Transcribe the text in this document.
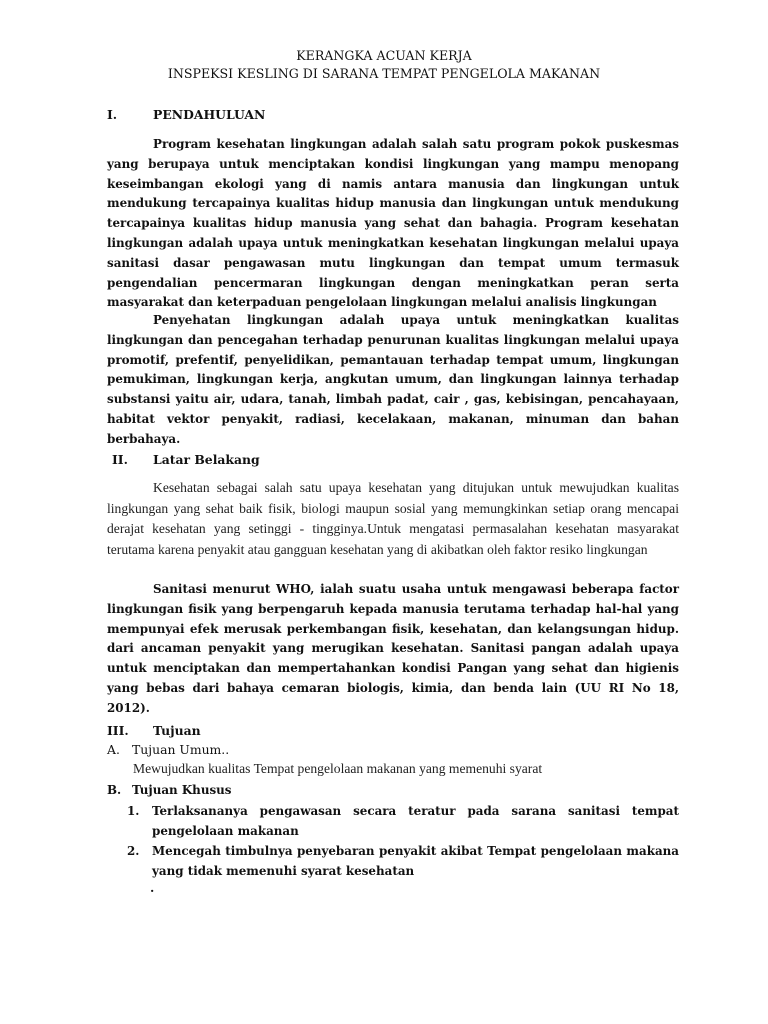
KERANGKA ACUAN KERJA
INSPEKSI KESLING DI SARANA TEMPAT PENGELOLA MAKANAN
I.	PENDAHULUAN

Program kesehatan lingkungan adalah salah satu program pokok puskesmas yang berupaya untuk menciptakan kondisi lingkungan yang mampu menopang keseimbangan ekologi yang di namis antara manusia dan lingkungan untuk mendukung tercapainya kualitas hidup manusia dan lingkungan untuk mendukung tercapainya kualitas hidup manusia yang sehat dan bahagia. Program kesehatan lingkungan adalah upaya untuk meningkatkan kesehatan lingkungan melalui upaya sanitasi dasar pengawasan mutu lingkungan dan tempat umum termasuk pengendalian pencermaran lingkungan dengan meningkatkan peran serta masyarakat dan keterpaduan pengelolaan lingkungan melalui analisis lingkungan

Penyehatan lingkungan adalah upaya untuk meningkatkan kualitas lingkungan dan pencegahan terhadap penurunan kualitas lingkungan melalui upaya promotif, prefentif, penyelidikan, pemantauan terhadap tempat umum, lingkungan pemukiman, lingkungan kerja, angkutan umum, dan lingkungan lainnya terhadap substansi yaitu air, udara, tanah, limbah padat, cair , gas, kebisingan, pencahayaan, habitat vektor penyakit, radiasi, kecelakaan, makanan, minuman dan bahan berbahaya.

II. Latar Belakang

Kesehatan sebagai salah satu upaya kesehatan yang ditujukan untuk mewujudkan kualitas lingkungan yang sehat baik fisik, biologi maupun sosial yang memungkinkan setiap orang mencapai derajat kesehatan yang setinggi - tingginya.Untuk mengatasi permasalahan kesehatan masyarakat terutama karena penyakit atau gangguan kesehatan yang di akibatkan oleh faktor resiko lingkungan

Sanitasi menurut WHO, ialah suatu usaha untuk mengawasi beberapa factor lingkungan fisik yang berpengaruh kepada manusia terutama terhadap hal-hal yang mempunyai efek merusak perkembangan fisik, kesehatan, dan kelangsungan hidup. dari ancaman penyakit yang merugikan kesehatan. Sanitasi pangan adalah upaya untuk menciptakan dan mempertahankan kondisi Pangan yang sehat dan higienis yang bebas dari bahaya cemaran biologis, kimia, dan benda lain (UU RI No 18, 2012).

III. Tujuan
A. Tujuan Umum..
Mewujudkan kualitas Tempat pengelolaan makanan yang memenuhi syarat
B. Tujuan Khusus
1. Terlaksananya pengawasan secara teratur pada sarana sanitasi tempat pengelolaan makanan
2. Mencegah timbulnya penyebaran penyakit akibat Tempat pengelolaan makana yang tidak memenuhi syarat kesehatan
.
